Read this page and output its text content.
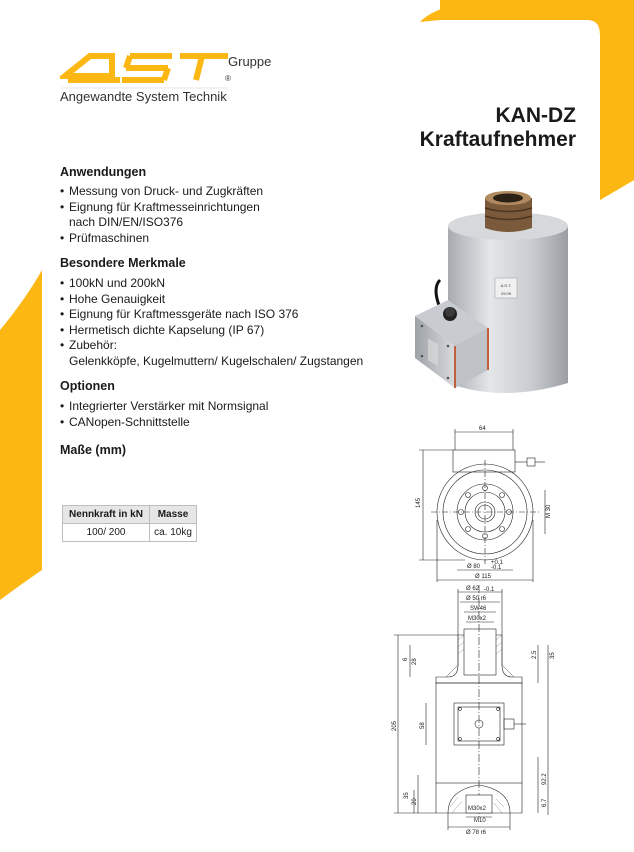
Gruppe
®
Angewandte System Technik
KAN-DZ
Kraftaufnehmer
Anwendungen
• Messung von Druck- und Zugkräften
• Eignung für Kraftmesseinrichtungen nach DIN/EN/ISO376
• Prüfmaschinen
Besondere Merkmale
• 100kN und 200kN
• Hohe Genauigkeit
• Eignung für Kraftmessgeräte nach ISO 376
• Hermetisch dichte Kapselung (IP 67)
• Zubehör:
Gelenkköpfe, Kugelmuttern/ Kugelschalen/ Zugstangen
Optionen
• Integrierter Verstärker mit Normsignal
• CANopen-Schnittstelle
Maße (mm)
Nennkraft in kN	Masse
100/ 200	ca. 10kg
A.S.T.
29.09
64
145
M 30
Ø 80
+0.1
-0.1
Ø 115
Ø 62 -0.1
Ø 50 r6
SW46
M30x2
6 28
2.5 35
205	58
92.2
35
20
M30x2
M10
6.7
Ø 78 r6
